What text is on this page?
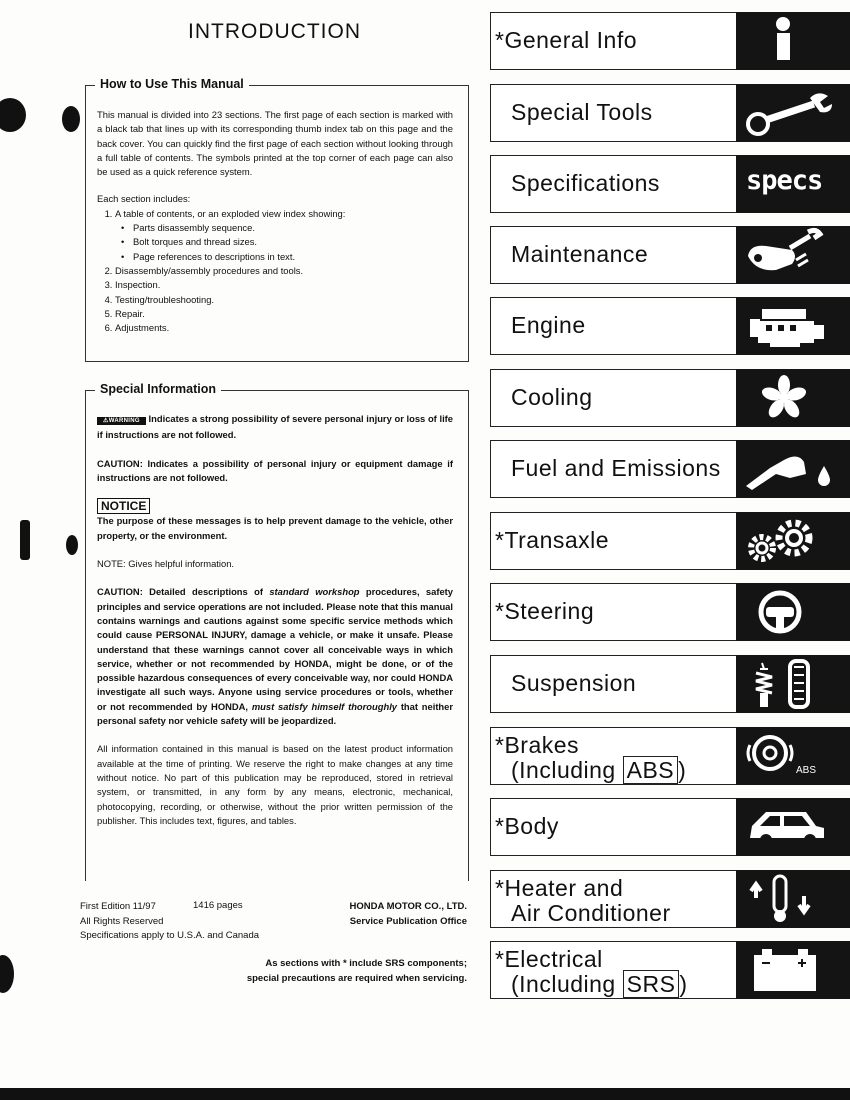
INTRODUCTION
How to Use This Manual

This manual is divided into 23 sections. The first page of each section is marked with a black tab that lines up with its corresponding thumb index tab on this page and the back cover. You can quickly find the first page of each section without looking through a full table of contents. The symbols printed at the top corner of each page can also be used as a quick reference system.

Each section includes:

1. A table of contents, or an exploded view index showing:
• Parts disassembly sequence.
• Bolt torques and thread sizes.
• Page references to descriptions in text.
2. Disassembly/assembly procedures and tools.
3. Inspection.
4. Testing/troubleshooting.
5. Repair.
6. Adjustments.
Special Information

⚠WARNING Indicates a strong possibility of severe personal injury or loss of life if instructions are not followed.

CAUTION: Indicates a possibility of personal injury or equipment damage if instructions are not followed.

NOTICE

The purpose of these messages is to help prevent damage to the vehicle, other property, or the environment.

NOTE: Gives helpful information.

CAUTION: Detailed descriptions of standard workshop procedures, safety principles and service operations are not included. Please note that this manual contains warnings and cautions against some specific service methods which could cause PERSONAL INJURY, damage a vehicle, or make it unsafe. Please understand that these warnings cannot cover all conceivable ways in which service, whether or not recommended by HONDA, might be done, or of the possible hazardous consequences of every conceivable way, nor could HONDA investigate all such ways. Anyone using service procedures or tools, whether or not recommended by HONDA, must satisfy himself thoroughly that neither personal safety nor vehicle safety will be jeopardized.

All information contained in this manual is based on the latest product information available at the time of printing. We reserve the right to make changes at any time without notice. No part of this publication may be reproduced, stored in retrieval system, or transmitted, in any form by any means, electronic, mechanical, photocopying, recording, or otherwise, without the prior written permission of the publisher. This includes text, figures, and tables.

First Edition 11/97
All Rights Reserved
Specifications apply to U.S.A. and Canada
1416 pages	HONDA MOTOR CO., LTD.
Service Publication Office
As sections with * include SRS components;
special precautions are required when servicing.
*General Info
Special Tools
Specifications	specs
Maintenance
Engine
Cooling
Fuel and Emissions
*Transaxle
*Steering
Suspension
*Brakes
(Including ABS )	ABS
*Body
*Heater and
Air Conditioner
*Electrical
(Including SRS )
